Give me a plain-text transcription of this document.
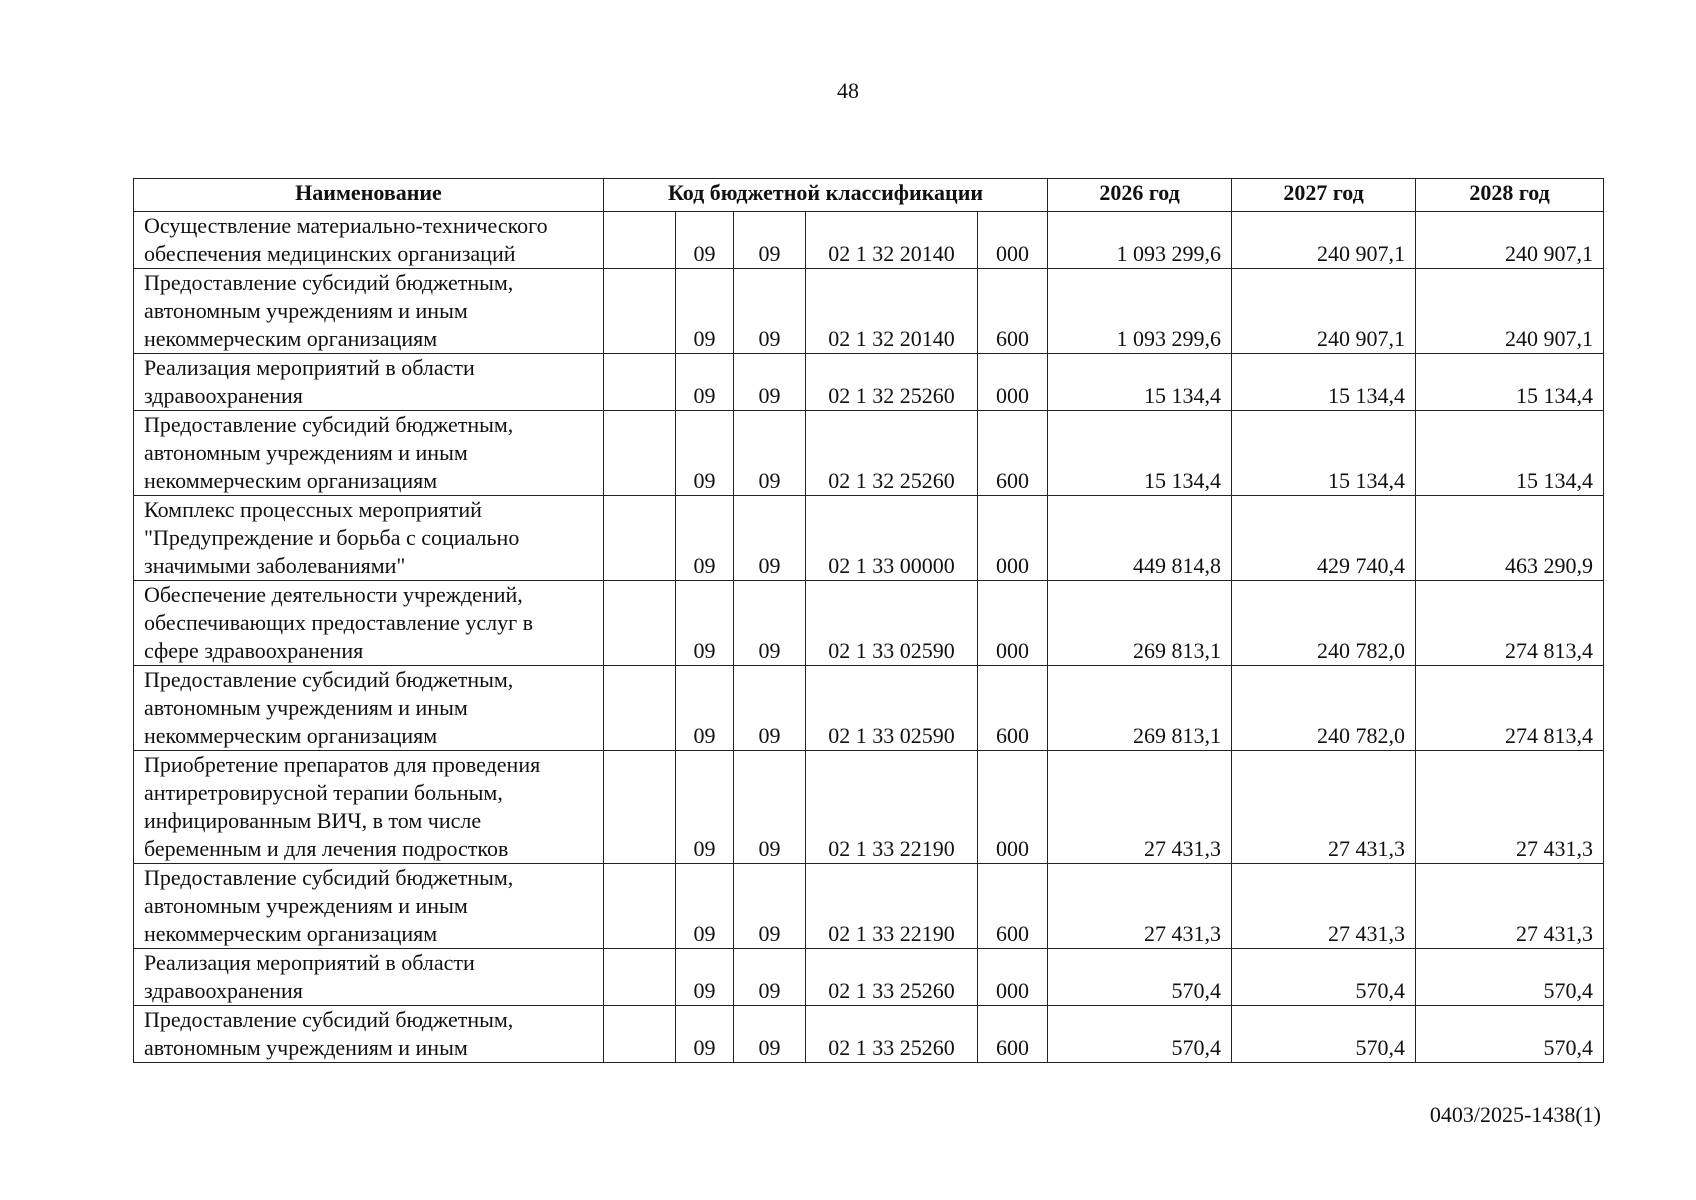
48
Наименование	Код бюджетной классификации					2026 год	2027 год	2028 год
Осуществление материально-технического обеспечения медицинских организаций		09	09	02 1 32 20140	000	1 093 299,6	240 907,1	240 907,1
Предоставление субсидий бюджетным, автономным учреждениям и иным некоммерческим организациям		09	09	02 1 32 20140	600	1 093 299,6	240 907,1	240 907,1
Реализация мероприятий в области здравоохранения		09	09	02 1 32 25260	000	15 134,4	15 134,4	15 134,4
Предоставление субсидий бюджетным, автономным учреждениям и иным некоммерческим организациям		09	09	02 1 32 25260	600	15 134,4	15 134,4	15 134,4
Комплекс процессных мероприятий "Предупреждение и борьба с социально значимыми заболеваниями"		09	09	02 1 33 00000	000	449 814,8	429 740,4	463 290,9
Обеспечение деятельности учреждений, обеспечивающих предоставление услуг в сфере здравоохранения		09	09	02 1 33 02590	000	269 813,1	240 782,0	274 813,4
Предоставление субсидий бюджетным, автономным учреждениям и иным некоммерческим организациям		09	09	02 1 33 02590	600	269 813,1	240 782,0	274 813,4
Приобретение препаратов для проведения антиретровирусной терапии больным, инфицированным ВИЧ, в том числе беременным и для лечения подростков		09	09	02 1 33 22190	000	27 431,3	27 431,3	27 431,3
Предоставление субсидий бюджетным, автономным учреждениям и иным некоммерческим организациям		09	09	02 1 33 22190	600	27 431,3	27 431,3	27 431,3
Реализация мероприятий в области здравоохранения		09	09	02 1 33 25260	000	570,4	570,4	570,4
Предоставление субсидий бюджетным, автономным учреждениям и иным		09	09	02 1 33 25260	600	570,4	570,4	570,4
0403/2025-1438(1)
